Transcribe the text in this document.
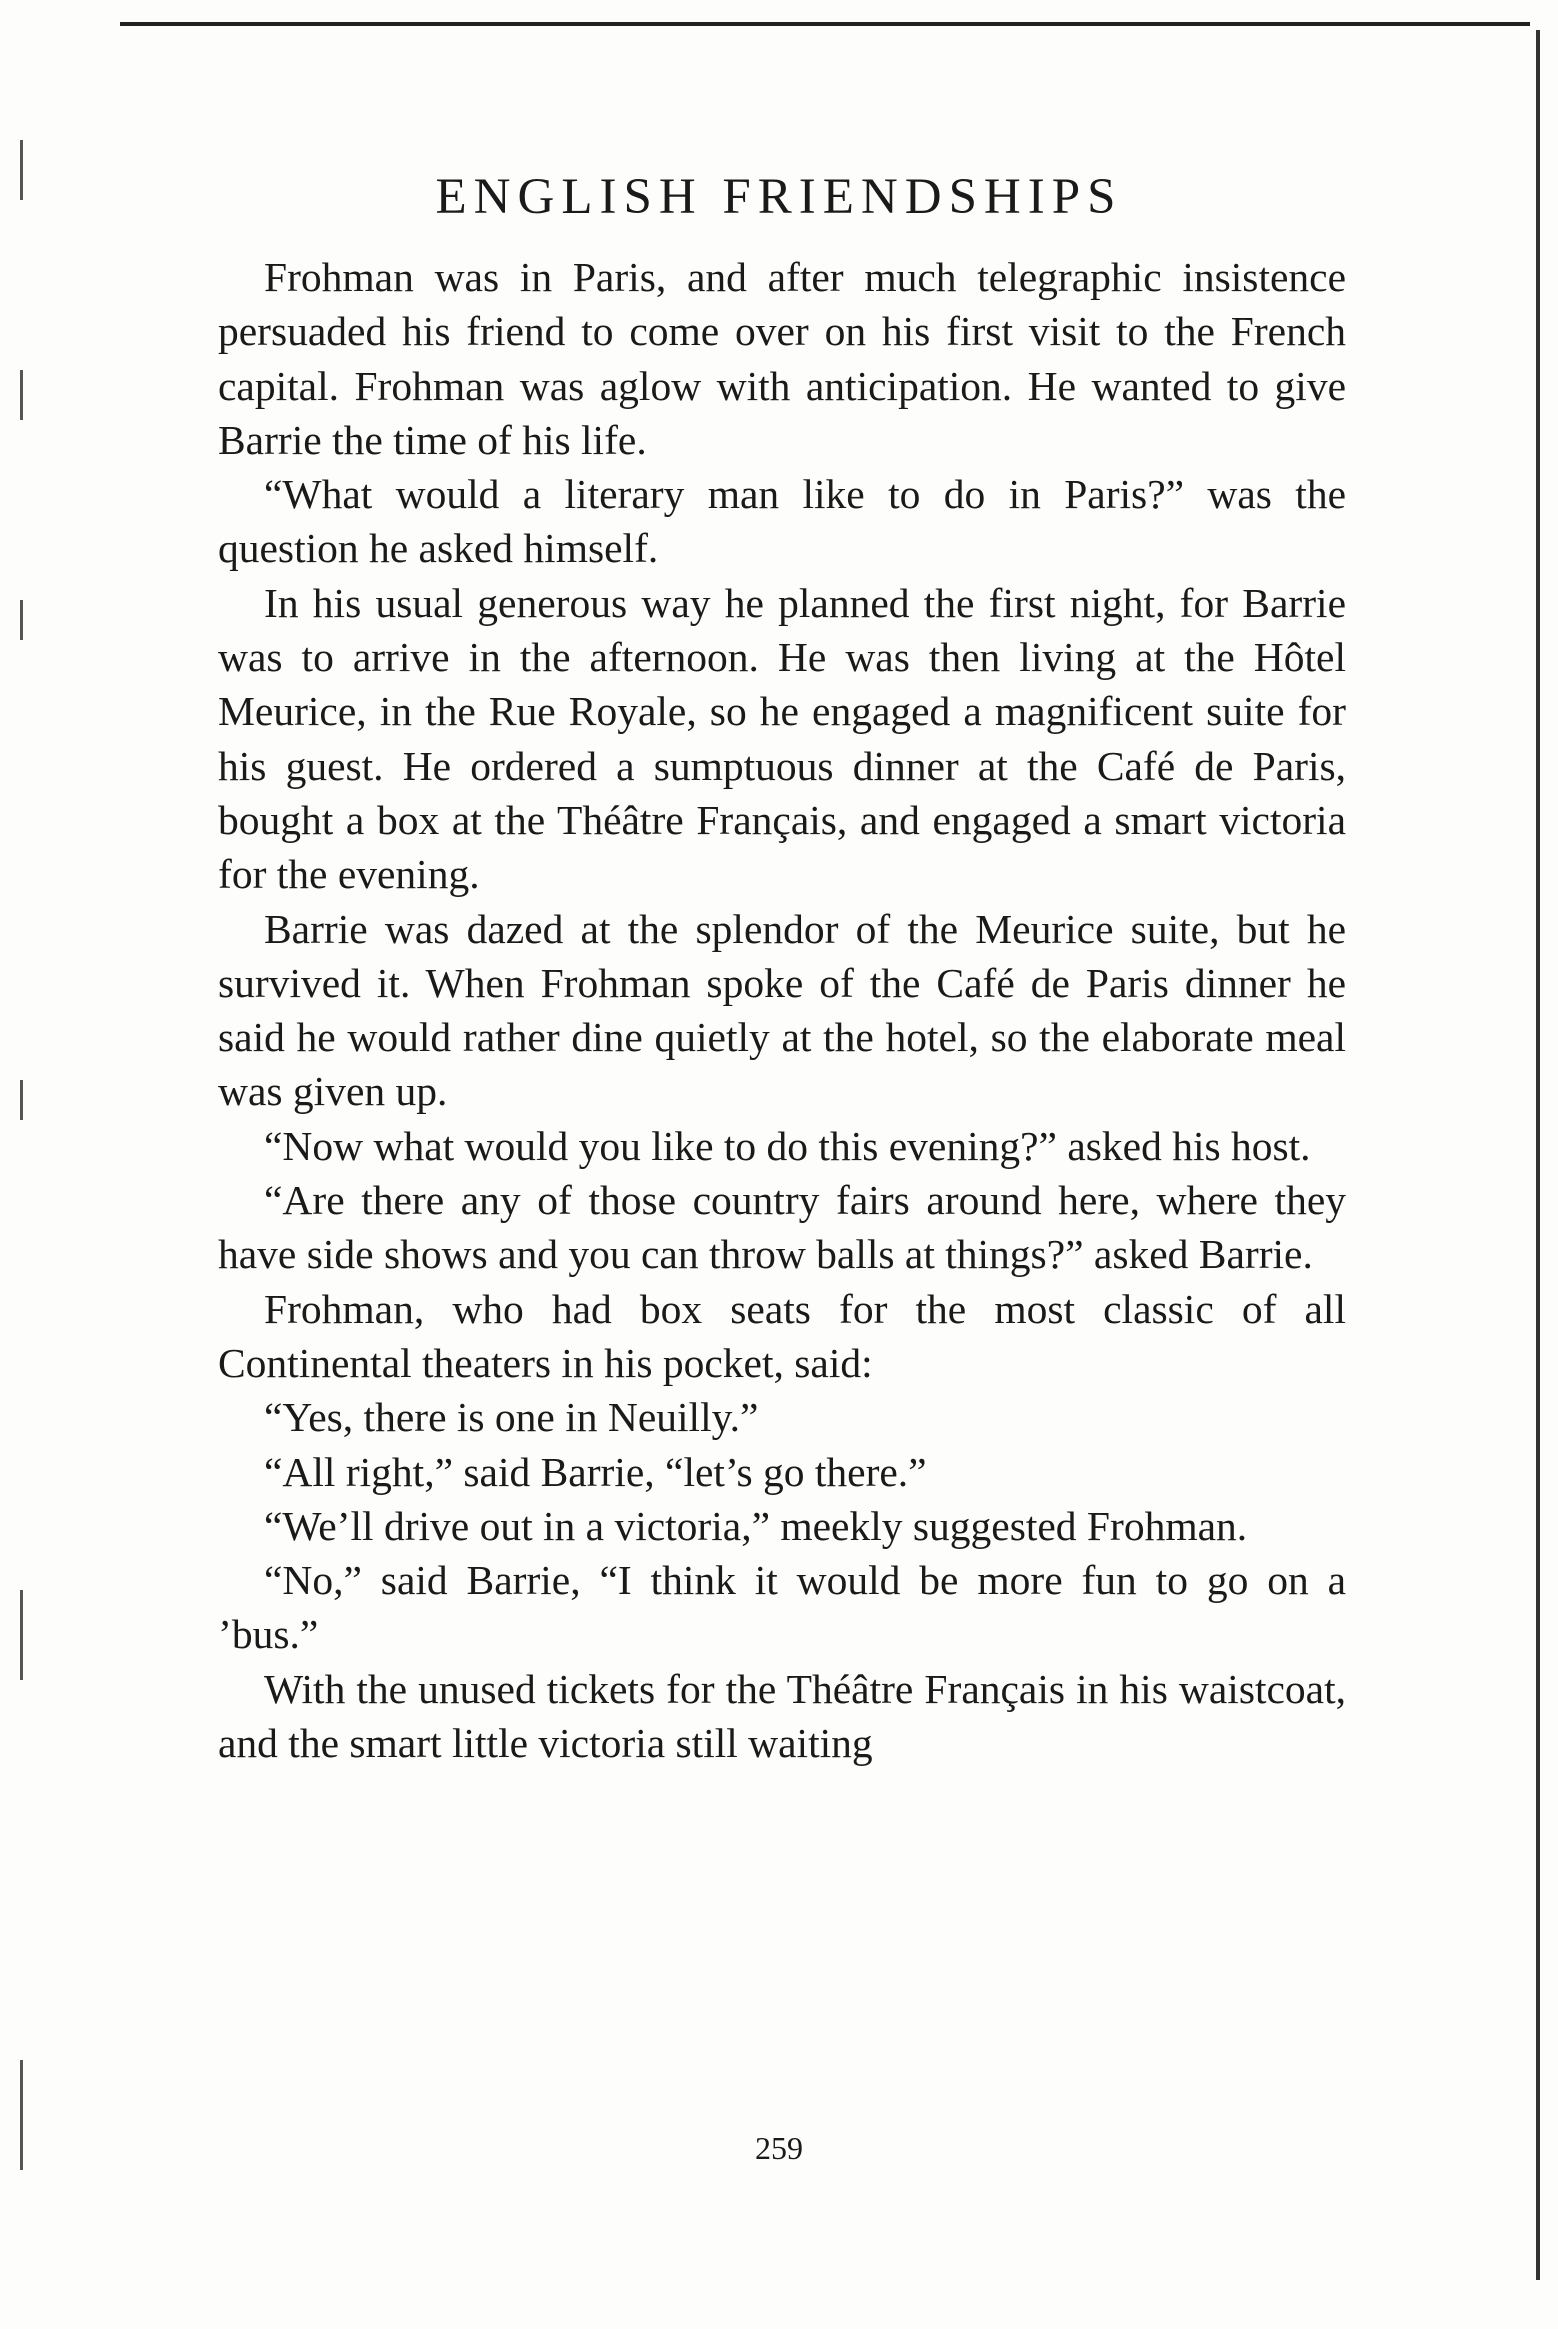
ENGLISH FRIENDSHIPS

Frohman was in Paris, and after much telegraphic insistence persuaded his friend to come over on his first visit to the French capital. Frohman was aglow with anticipation. He wanted to give Barrie the time of his life.

“What would a literary man like to do in Paris?” was the question he asked himself.

In his usual generous way he planned the first night, for Barrie was to arrive in the afternoon. He was then living at the Hôtel Meurice, in the Rue Royale, so he engaged a magnificent suite for his guest. He ordered a sumptuous dinner at the Café de Paris, bought a box at the Théâtre Français, and engaged a smart victoria for the evening.

Barrie was dazed at the splendor of the Meurice suite, but he survived it. When Frohman spoke of the Café de Paris dinner he said he would rather dine quietly at the hotel, so the elaborate meal was given up.

“Now what would you like to do this evening?” asked his host.

“Are there any of those country fairs around here, where they have side shows and you can throw balls at things?” asked Barrie.

Frohman, who had box seats for the most classic of all Continental theaters in his pocket, said:

“Yes, there is one in Neuilly.”

“All right,” said Barrie, “let’s go there.”

“We’ll drive out in a victoria,” meekly suggested Frohman.

“No,” said Barrie, “I think it would be more fun to go on a ’bus.”

With the unused tickets for the Théâtre Français in his waistcoat, and the smart little victoria still waiting

259
